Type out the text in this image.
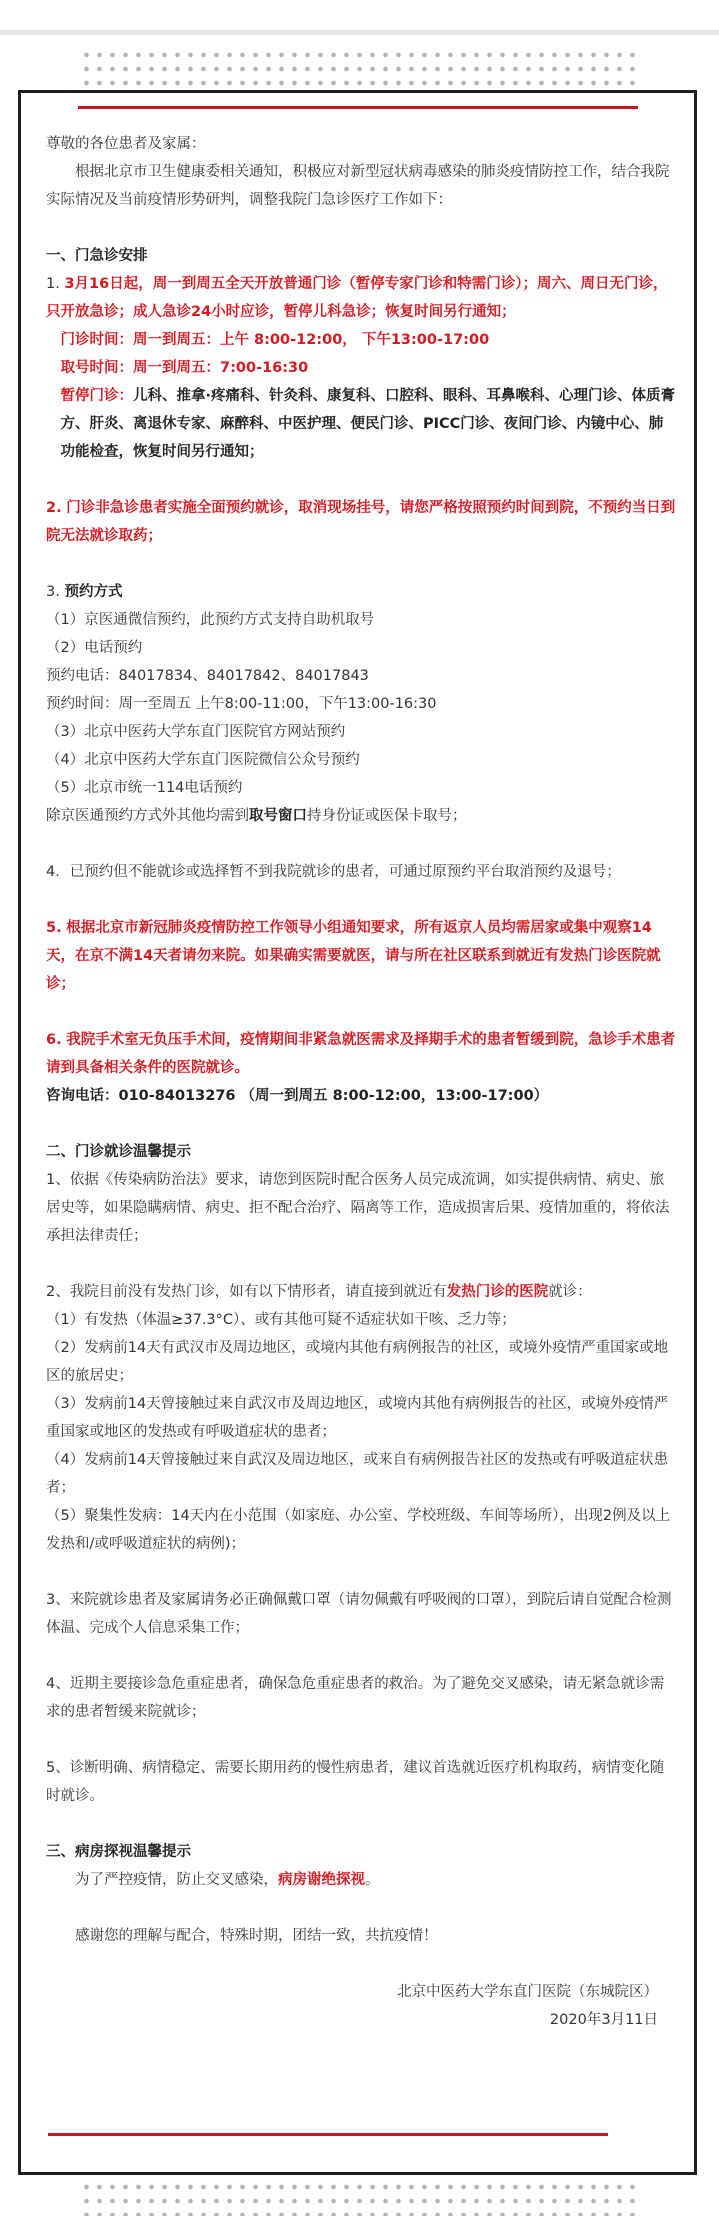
尊敬的各位患者及家属：

根据北京市卫生健康委相关通知，积极应对新型冠状病毒感染的肺炎疫情防控工作，结合我院实际情况及当前疫情形势研判，调整我院门急诊医疗工作如下：

一、门急诊安排

1. 3月16日起，周一到周五全天开放普通门诊（暂停专家门诊和特需门诊）；周六、周日无门诊，只开放急诊；成人急诊24小时应诊，暂停儿科急诊；恢复时间另行通知；

门诊时间：周一到周五：上午 8:00-12:00， 下午13:00-17:00

取号时间：周一到周五：7:00-16:30

暂停门诊：儿科、推拿·疼痛科、针灸科、康复科、口腔科、眼科、耳鼻喉科、心理门诊、体质膏方、肝炎、离退休专家、麻醉科、中医护理、便民门诊、PICC门诊、夜间门诊、内镜中心、肺功能检查，恢复时间另行通知；

2. 门诊非急诊患者实施全面预约就诊，取消现场挂号，请您严格按照预约时间到院，不预约当日到院无法就诊取药；

3. 预约方式

（1）京医通微信预约，此预约方式支持自助机取号

（2）电话预约

预约电话：84017834、84017842、84017843

预约时间：周一至周五 上午8:00-11:00，下午13:00-16:30

（3）北京中医药大学东直门医院官方网站预约

（4）北京中医药大学东直门医院微信公众号预约

（5）北京市统一114电话预约

除京医通预约方式外其他均需到取号窗口持身份证或医保卡取号；

4．已预约但不能就诊或选择暂不到我院就诊的患者，可通过原预约平台取消预约及退号；

5. 根据北京市新冠肺炎疫情防控工作领导小组通知要求，所有返京人员均需居家或集中观察14天，在京不满14天者请勿来院。如果确实需要就医，请与所在社区联系到就近有发热门诊医院就诊；

6. 我院手术室无负压手术间，疫情期间非紧急就医需求及择期手术的患者暂缓到院，急诊手术患者请到具备相关条件的医院就诊。

咨询电话：010-84013276 （周一到周五 8:00-12:00，13:00-17:00）

二、门诊就诊温馨提示

1、依据《传染病防治法》要求，请您到医院时配合医务人员完成流调，如实提供病情、病史、旅居史等，如果隐瞒病情、病史、拒不配合治疗、隔离等工作，造成损害后果、疫情加重的，将依法承担法律责任；

2、我院目前没有发热门诊，如有以下情形者，请直接到就近有发热门诊的医院就诊：

（1）有发热（体温≥37.3°C）、或有其他可疑不适症状如干咳、乏力等；

（2）发病前14天有武汉市及周边地区，或境内其他有病例报告的社区，或境外疫情严重国家或地区的旅居史；

（3）发病前14天曾接触过来自武汉市及周边地区，或境内其他有病例报告的社区，或境外疫情严重国家或地区的发热或有呼吸道症状的患者；

（4）发病前14天曾接触过来自武汉及周边地区，或来自有病例报告社区的发热或有呼吸道症状患者；

（5）聚集性发病：14天内在小范围（如家庭、办公室、学校班级、车间等场所），出现2例及以上发热和/或呼吸道症状的病例)；

3、来院就诊患者及家属请务必正确佩戴口罩（请勿佩戴有呼吸阀的口罩），到院后请自觉配合检测体温、完成个人信息采集工作；

4、近期主要接诊急危重症患者，确保急危重症患者的救治。为了避免交叉感染，请无紧急就诊需求的患者暂缓来院就诊；

5、诊断明确、病情稳定、需要长期用药的慢性病患者，建议首选就近医疗机构取药，病情变化随时就诊。

三、病房探视温馨提示

为了严控疫情，防止交叉感染，病房谢绝探视。

感谢您的理解与配合，特殊时期，团结一致，共抗疫情！

北京中医药大学东直门医院（东城院区）

2020年3月11日
